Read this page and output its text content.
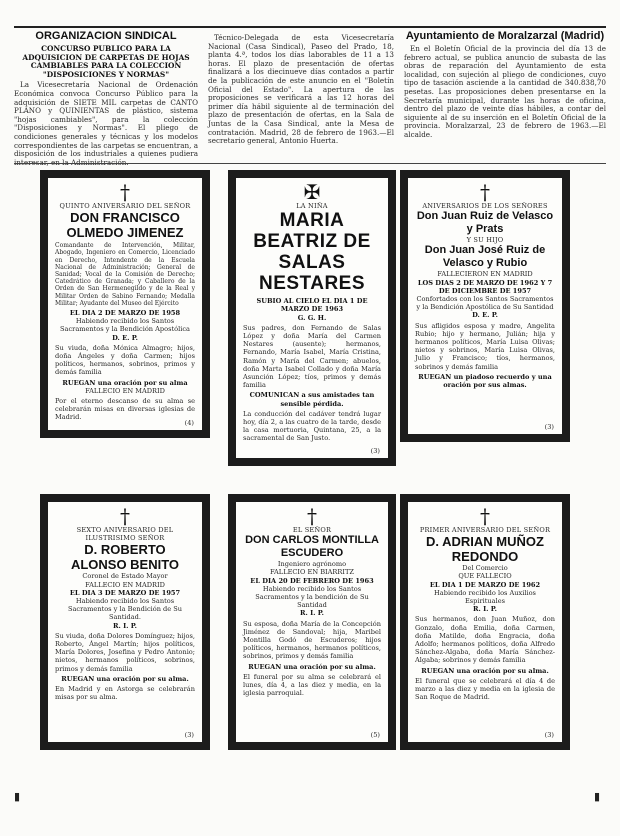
ORGANIZACION SINDICAL
CONCURSO PUBLICO PARA LA ADQUISICION DE CARPETAS DE HOJAS CAMBIABLES PARA LA COLECCION "DISPOSICIONES Y NORMAS"

La Vicesecretaría Nacional de Ordenación Económica convoca Concurso Público para la adquisición de SIETE MIL carpetas de CANTO PLANO y QUINIENTAS de plástico, sistema "hojas cambiables", para la colección "Disposiciones y Normas". El pliego de condiciones generales y técnicas y los modelos correspondientes de las carpetas se encuentran, a disposición de los industriales a quienes pudiera interesar, en la Administración.

Técnico-Delegada de esta Vicesecretaría Nacional (Casa Sindical), Paseo del Prado, 18, planta 4.ª, todos los días laborables de 11 a 13 horas. El plazo de presentación de ofertas finalizará a los diecinueve días contados a partir de la publicación de este anuncio en el "Boletín Oficial del Estado". La apertura de las proposiciones se verificará a las 12 horas del primer día hábil siguiente al de terminación del plazo de presentación de ofertas, en la Sala de Juntas de la Casa Sindical, ante la Mesa de contratación. Madrid, 28 de febrero de 1963.—El secretario general, Antonio Huerta.

Ayuntamiento de Moralzarzal (Madrid)

En el Boletín Oficial de la provincia del día 13 de febrero actual, se publica anuncio de subasta de las obras de reparación del Ayuntamiento de esta localidad, con sujeción al pliego de condiciones, cuyo tipo de tasación asciende a la cantidad de 340.838,70 pesetas. Las proposiciones deben presentarse en la Secretaría municipal, durante las horas de oficina, dentro del plazo de veinte días hábiles, a contar del siguiente al de su inserción en el Boletín Oficial de la provincia. Moralzarzal, 23 de febrero de 1963.—El alcalde.

†
QUINTO ANIVERSARIO DEL SEÑOR
DON FRANCISCO OLMEDO JIMENEZ
Comandante de Intervención, Militar, Abogado, Ingeniero en Comercio, Licenciado en Derecho, Intendente de la Escuela Nacional de Administración; General de Sanidad; Vocal de la Comisión de Derecho; Catedrático de Granada; y Caballero de la Orden de San Hermenegildo y de la Real y Militar Orden de Sabino Fernando; Medalla Militar; Ayudante del Museo del Ejército
EL DIA 2 DE MARZO DE 1958
Habiendo recibido los Santos Sacramentos y la Bendición Apostólica
D. E. P.
Su viuda, doña Mónica Almagro; hijos, doña Ángeles y doña Carmen; hijos políticos, hermanos, sobrinos, primos y demás familia
RUEGAN una oración por su alma
FALLECIO EN MADRID
Por el eterno descanso de su alma se celebrarán misas en diversas iglesias de Madrid.
(4)
✠
LA NIÑA
MARIA BEATRIZ DE SALAS NESTARES
SUBIO AL CIELO EL DIA 1 DE MARZO DE 1963
G. G. H.
Sus padres, don Fernando de Salas López y doña María del Carmen Nestares (ausente); hermanos, Fernando, María Isabel, María Cristina, Ramón y María del Carmen; abuelos, doña Marta Isabel Collado y doña María Asunción López; tíos, primos y demás familia
COMUNICAN a sus amistades tan sensible pérdida.
La conducción del cadáver tendrá lugar hoy, día 2, a las cuatro de la tarde, desde la casa mortuoria, Quintana, 25, a la sacramental de San Justo.
(3)
†
ANIVERSARIOS DE LOS SEÑORES
Don Juan Ruiz de Velasco y Prats
Y SU HIJO
Don Juan José Ruiz de Velasco y Rubio
FALLECIERON EN MADRID
LOS DIAS 2 DE MARZO DE 1962 Y 7 DE DICIEMBRE DE 1957
Confortados con los Santos Sacramentos y la Bendición Apostólica de Su Santidad
D. E. P.
Sus afligidos esposa y madre, Angelita Rubio; hijo y hermano, Julián; hija y hermanos políticos, María Luisa Olivas; nietos y sobrinos, María Luisa Olivas, Julio y Francisco; tíos, hermanos, sobrinos y demás familia
RUEGAN un piadoso recuerdo y una oración por sus almas.
(3)
†
SEXTO ANIVERSARIO DEL ILUSTRISIMO SEÑOR
D. ROBERTO ALONSO BENITO
Coronel de Estado Mayor
FALLECIO EN MADRID
EL DIA 3 DE MARZO DE 1957
Habiendo recibido los Santos Sacramentos y la Bendición de Su Santidad.
R. I. P.
Su viuda, doña Dolores Domínguez; hijos, Roberto, Ángel Martín; hijos políticos, María Dolores, Josefina y Pedro Antonio; nietos, hermanos políticos, sobrinos, primos y demás familia
RUEGAN una oración por su alma.
En Madrid y en Astorga se celebrarán misas por su alma.
(3)
†
EL SEÑOR
DON CARLOS MONTILLA ESCUDERO
Ingeniero agrónomo
FALLECIO EN BIARRITZ
EL DIA 20 DE FEBRERO DE 1963
Habiendo recibido los Santos Sacramentos y la bendición de Su Santidad
R. I. P.
Su esposa, doña María de la Concepción Jiménez de Sandoval; hija, Maribel Montilla Godó de Escuderos; hijos políticos, hermanos, hermanos políticos, sobrinos, primos y demás familia
RUEGAN una oración por su alma.
El funeral por su alma se celebrará el lunes, día 4, a las diez y media, en la iglesia parroquial.
(5)
†
PRIMER ANIVERSARIO DEL SEÑOR
D. ADRIAN MUÑOZ REDONDO
Del Comercio
QUE FALLECIO
EL DIA 1 DE MARZO DE 1962
Habiendo recibido los Auxilios Espirituales
R. I. P.
Sus hermanos, don Juan Muñoz, don Gonzalo, doña Emilia, doña Carmen, doña Matilde, doña Engracia, doña Adolfo; hermanos políticos, doña Alfredo Sánchez-Algaba, doña María Sánchez-Algaba; sobrinos y demás familia
RUEGAN una oración por su alma.
El funeral que se celebrará el día 4 de marzo a las diez y media en la iglesia de San Roque de Madrid.
(3)
▮	▮
